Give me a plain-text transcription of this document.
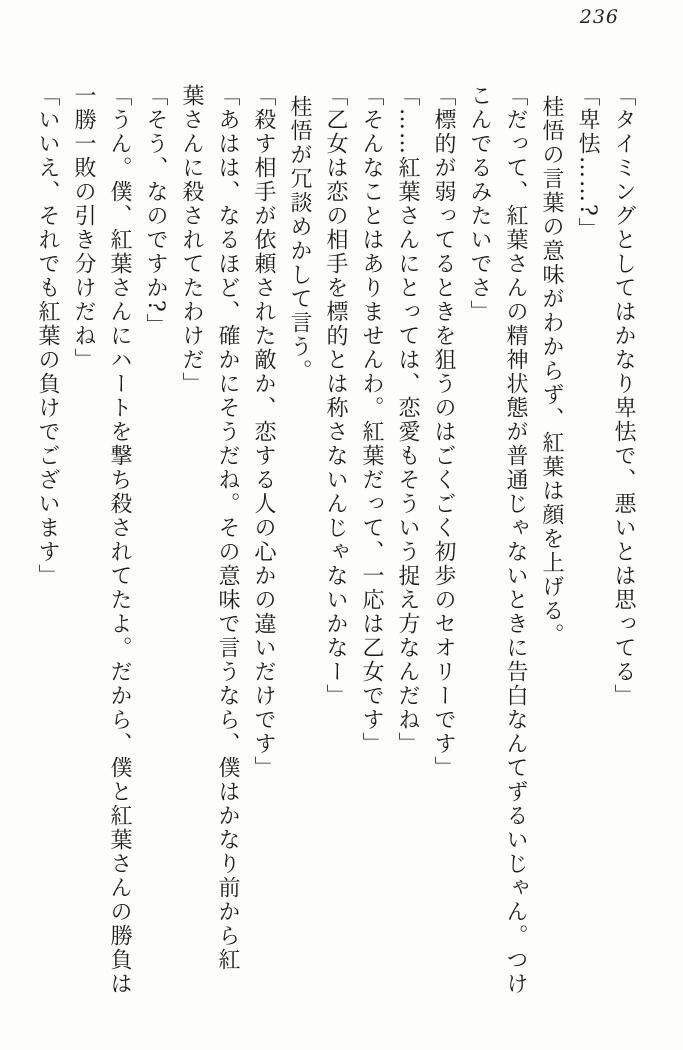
236
「タイミングとしてはかなり卑怯で、悪いとは思ってる」
「卑怯……?」
桂悟の言葉の意味がわからず、紅葉は顔を上げる。
「だって、紅葉さんの精神状態が普通じゃないときに告白なんてずるいじゃん。つけ
こんでるみたいでさ」
「標的が弱ってるときを狙うのはごくごく初歩のセオリーです」
「……紅葉さんにとっては、恋愛もそういう捉え方なんだね」
「そんなことはありませんわ。紅葉だって、一応は乙女です」
「乙女は恋の相手を標的とは称さないんじゃないかなー」
桂悟が冗談めかして言う。
「殺す相手が依頼された敵か、恋する人の心かの違いだけです」
「あはは、なるほど、確かにそうだね。その意味で言うなら、僕はかなり前から紅
葉さんに殺されてたわけだ」
「そう、なのですか?」
「うん。僕、紅葉さんにハートを撃ち殺されてたよ。だから、僕と紅葉さんの勝負は
一勝一敗の引き分けだね」
「いいえ、それでも紅葉の負けでございます」
